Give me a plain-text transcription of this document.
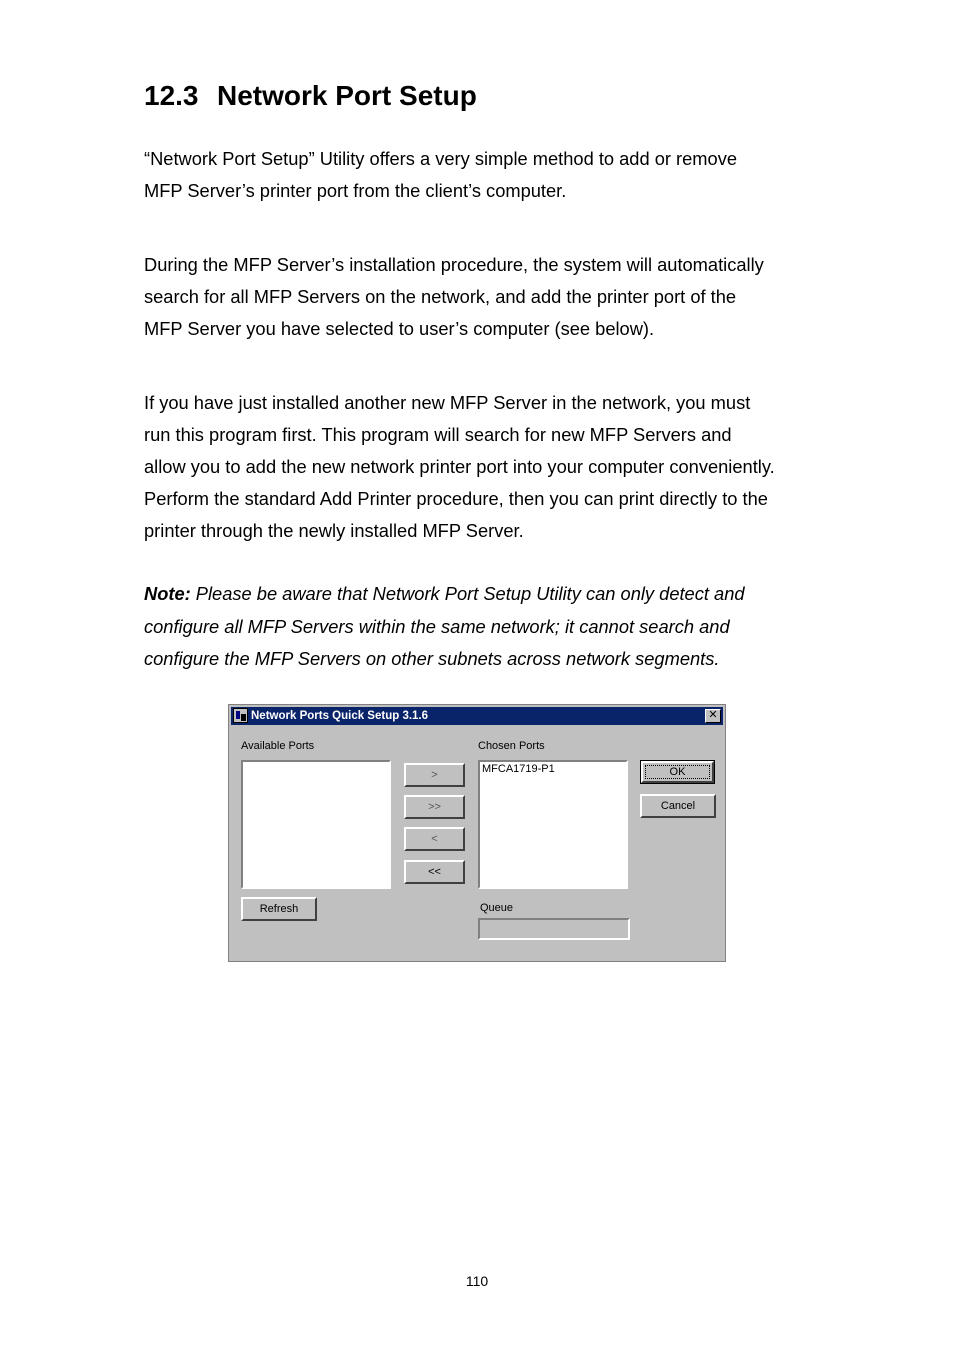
12.3 Network Port Setup

“Network Port Setup” Utility offers a very simple method to add or remove
MFP Server’s printer port from the client’s computer.

During the MFP Server’s installation procedure, the system will automatically
search for all MFP Servers on the network, and add the printer port of the
MFP Server you have selected to user’s computer (see below).

If you have just installed another new MFP Server in the network, you must
run this program first. This program will search for new MFP Servers and
allow you to add the new network printer port into your computer conveniently.
Perform the standard Add Printer procedure, then you can print directly to the
printer through the newly installed MFP Server.

Note: Please be aware that Network Port Setup Utility can only detect and
configure all MFP Servers within the same network; it cannot search and
configure the MFP Servers on other subnets across network segments.

Network Ports Quick Setup 3.1.6	✕
Available Ports
>
>>
<
<<
Chosen Ports
MFCA1719-P1	OK
Cancel
Refresh	Queue
110
